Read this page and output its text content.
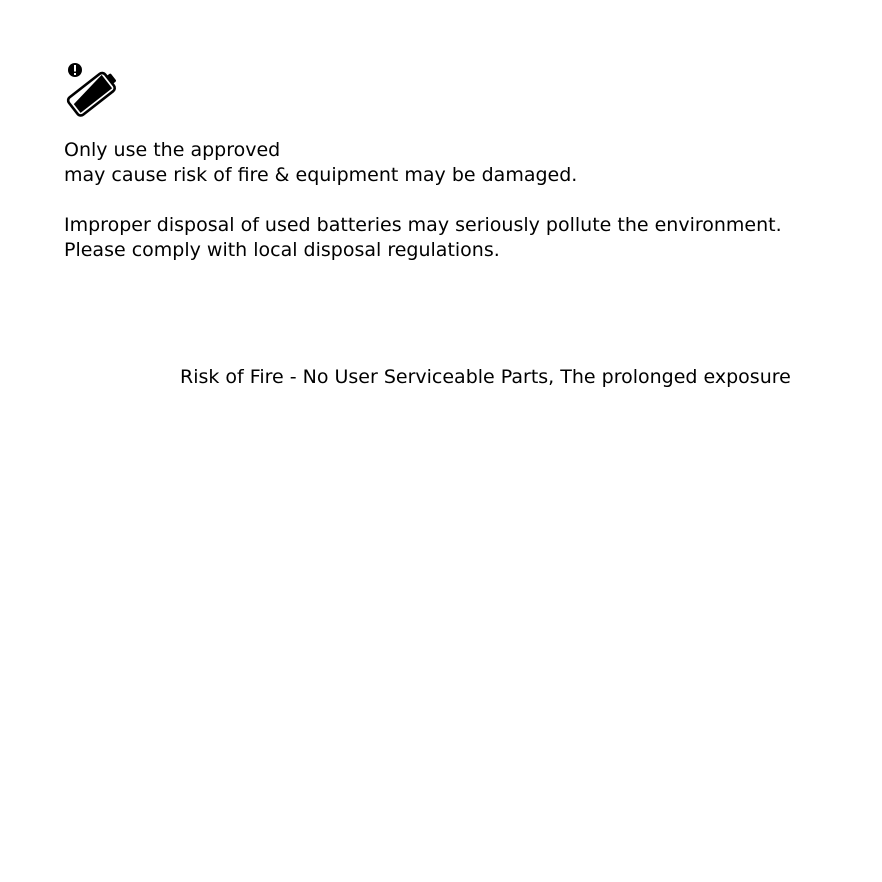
Only use the approved
may cause risk of fire & equipment may be damaged.
Improper disposal of used batteries may seriously pollute the environment.
Please comply with local disposal regulations.
Risk of Fire - No User Serviceable Parts, The prolonged exposure
